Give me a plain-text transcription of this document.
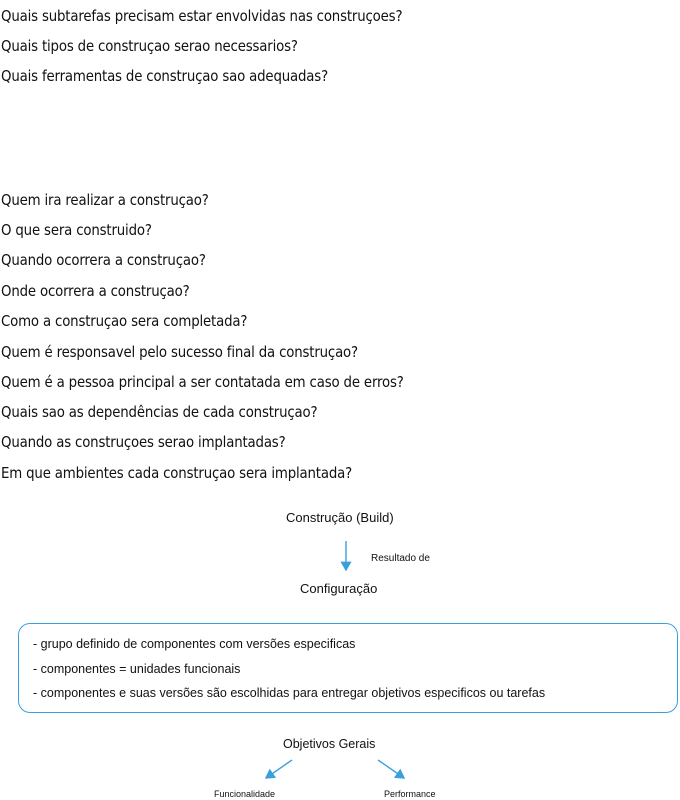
Quais subtarefas precisam estar envolvidas nas construçoes?
Quais tipos de construçao serao necessarios?
Quais ferramentas de construçao sao adequadas?
Quem ira realizar a construçao?
O que sera construido?
Quando ocorrera a construçao?
Onde ocorrera a construçao?
Como a construçao sera completada?
Quem é responsavel pelo sucesso final da construçao?
Quem é a pessoa principal a ser contatada em caso de erros?
Quais sao as dependências de cada construçao?
Quando as construçoes serao implantadas?
Em que ambientes cada construçao sera implantada?
Construção (Build)
Resultado de
Configuração
- grupo definido de componentes com versões especificas
- componentes = unidades funcionais
- componentes e suas versões são escolhidas para entregar objetivos especificos ou tarefas
Objetivos Gerais
Funcionalidade	Performance
